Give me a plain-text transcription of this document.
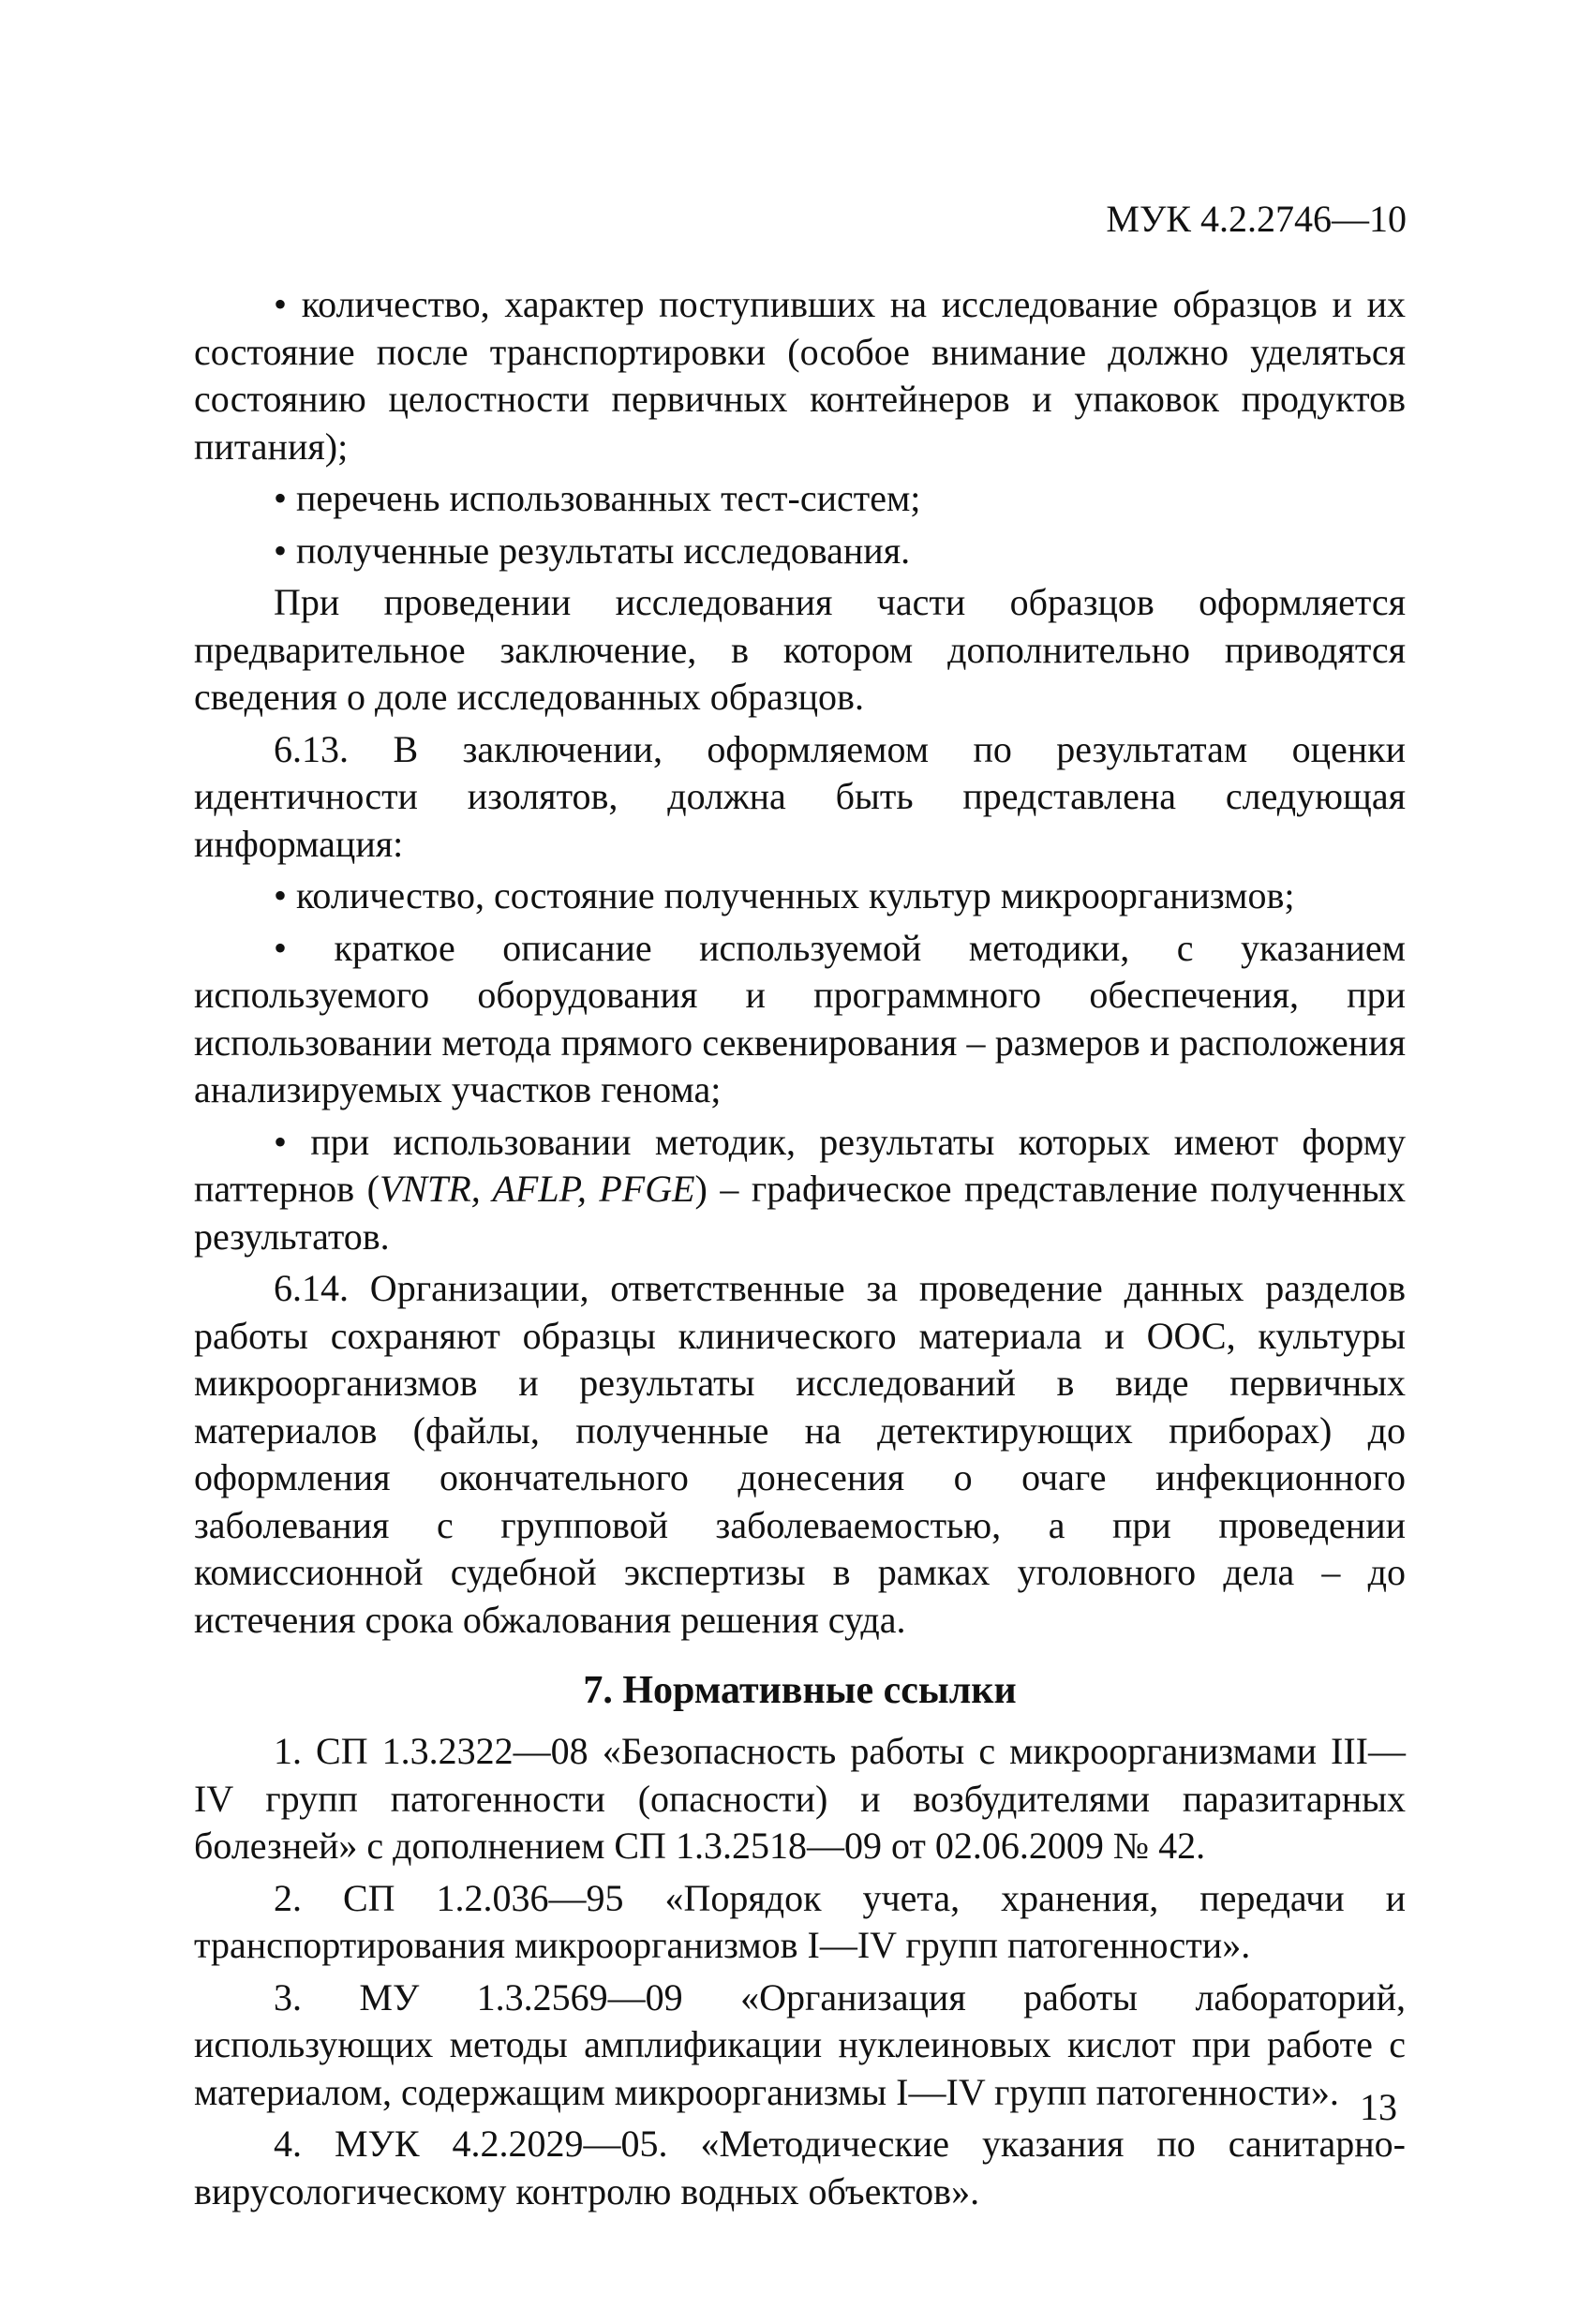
МУК 4.2.2746—10

• количество, характер поступивших на исследование образцов и их состояние после транспортировки (особое внимание должно уделяться состоянию целостности первичных контейнеров и упаковок продуктов питания);

• перечень использованных тест-систем;

• полученные результаты исследования.

При проведении исследования части образцов оформляется предварительное заключение, в котором дополнительно приводятся сведения о доле исследованных образцов.

6.13. В заключении, оформляемом по результатам оценки идентичности изолятов, должна быть представлена следующая информация:

• количество, состояние полученных культур микроорганизмов;

• краткое описание используемой методики, с указанием используемого оборудования и программного обеспечения, при использовании метода прямого секвенирования – размеров и расположения анализируемых участков генома;

• при использовании методик, результаты которых имеют форму паттернов (VNTR, AFLP, PFGE) – графическое представление полученных результатов.

6.14. Организации, ответственные за проведение данных разделов работы сохраняют образцы клинического материала и ООС, культуры микроорганизмов и результаты исследований в виде первичных материалов (файлы, полученные на детектирующих приборах) до оформления окончательного донесения о очаге инфекционного заболевания с групповой заболеваемостью, а при проведении комиссионной судебной экспертизы в рамках уголовного дела – до истечения срока обжалования решения суда.

7. Нормативные ссылки

1. СП 1.3.2322—08 «Безопасность работы с микроорганизмами III—IV групп патогенности (опасности) и возбудителями паразитарных болезней» с дополнением СП 1.3.2518—09 от 02.06.2009 № 42.

2. СП 1.2.036—95 «Порядок учета, хранения, передачи и транспортирования микроорганизмов I—IV групп патогенности».

3. МУ 1.3.2569—09 «Организация работы лабораторий, использующих методы амплификации нуклеиновых кислот при работе с материалом, содержащим микроорганизмы I—IV групп патогенности».

4. МУК 4.2.2029—05. «Методические указания по санитарно-вирусологическому контролю водных объектов».

13
